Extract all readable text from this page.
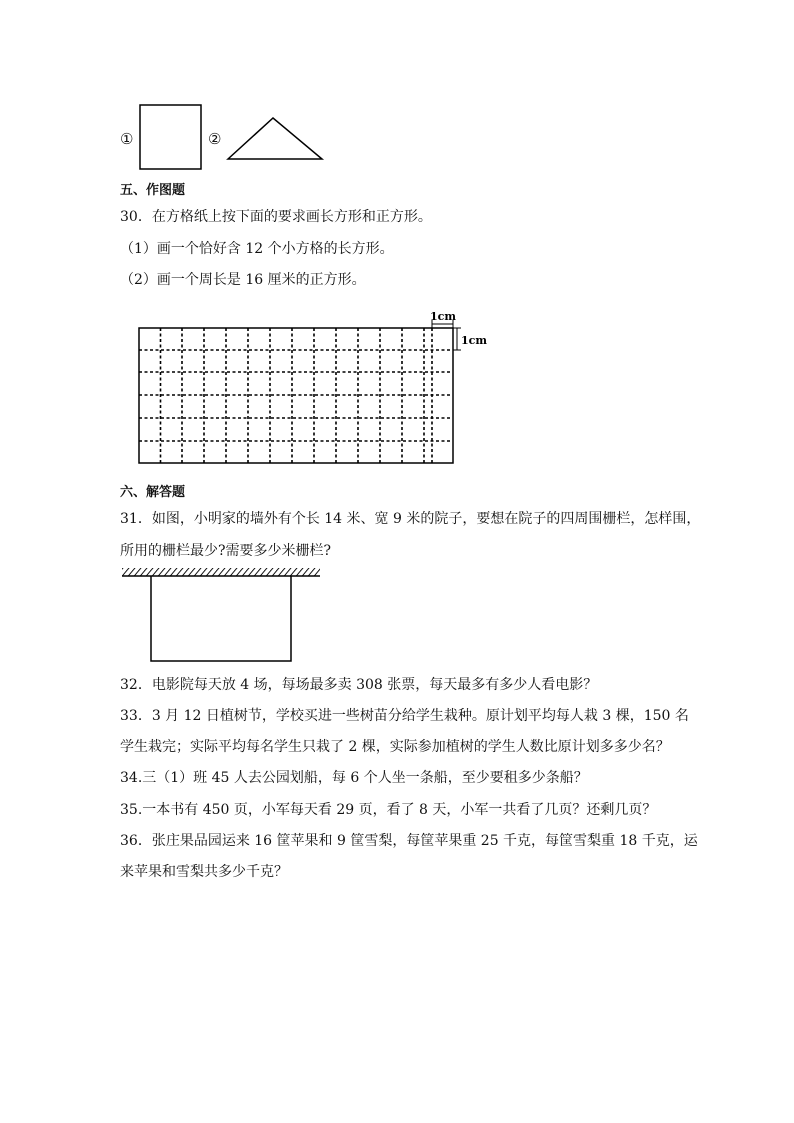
①	②
五、作图题
30．在方格纸上按下面的要求画长方形和正方形。
（1）画一个恰好含 12 个小方格的长方形。
（2）画一个周长是 16 厘米的正方形。
1cm
1cm
六、解答题
31．如图，小明家的墙外有个长 14 米、宽 9 米的院子，要想在院子的四周围栅栏，怎样围，
所用的栅栏最少?需要多少米栅栏?
32．电影院每天放 4 场，每场最多卖 308 张票，每天最多有多少人看电影？
33．3 月 12 日植树节，学校买进一些树苗分给学生栽种。原计划平均每人栽 3 棵，150 名
学生栽完；实际平均每名学生只栽了 2 棵，实际参加植树的学生人数比原计划多多少名？
34.三（1）班 45 人去公园划船，每 6 个人坐一条船，至少要租多少条船？
35.一本书有 450 页，小军每天看 29 页，看了 8 天，小军一共看了几页？还剩几页？
36．张庄果品园运来 16 筐苹果和 9 筐雪梨，每筐苹果重 25 千克，每筐雪梨重 18 千克，运
来苹果和雪梨共多少千克？
